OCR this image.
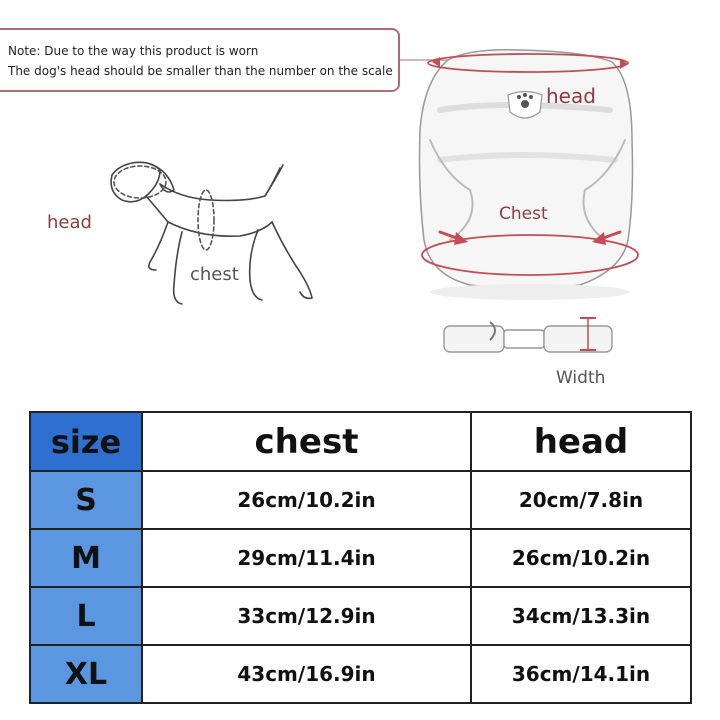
Note: Due to the way this product is worn
The dog's head should be smaller than the number on the scale
head
chest
head
Chest
Width
size	chest	head
S	26cm/10.2in	20cm/7.8in
M	29cm/11.4in	26cm/10.2in
L	33cm/12.9in	34cm/13.3in
XL	43cm/16.9in	36cm/14.1in
